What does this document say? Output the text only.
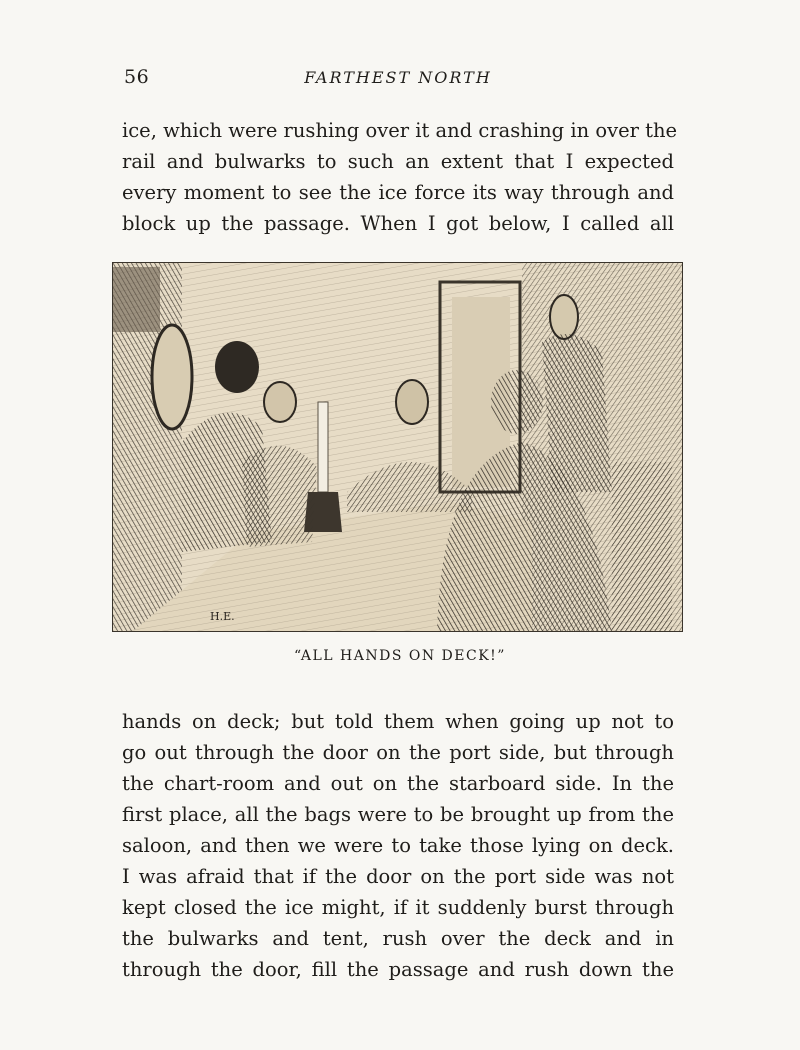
56	FARTHEST NORTH
ice, which were rushing over it and crashing in over the
rail and bulwarks to such an extent that I expected
every moment to see the ice force its way through and
block up the passage. When I got below, I called all
H.E.
“ALL HANDS ON DECK!”
hands on deck; but told them when going up not to
go out through the door on the port side, but through
the chart-room and out on the starboard side. In the
first place, all the bags were to be brought up from the
saloon, and then we were to take those lying on deck.
I was afraid that if the door on the port side was not
kept closed the ice might, if it suddenly burst through
the bulwarks and tent, rush over the deck and in
through the door, fill the passage and rush down the
